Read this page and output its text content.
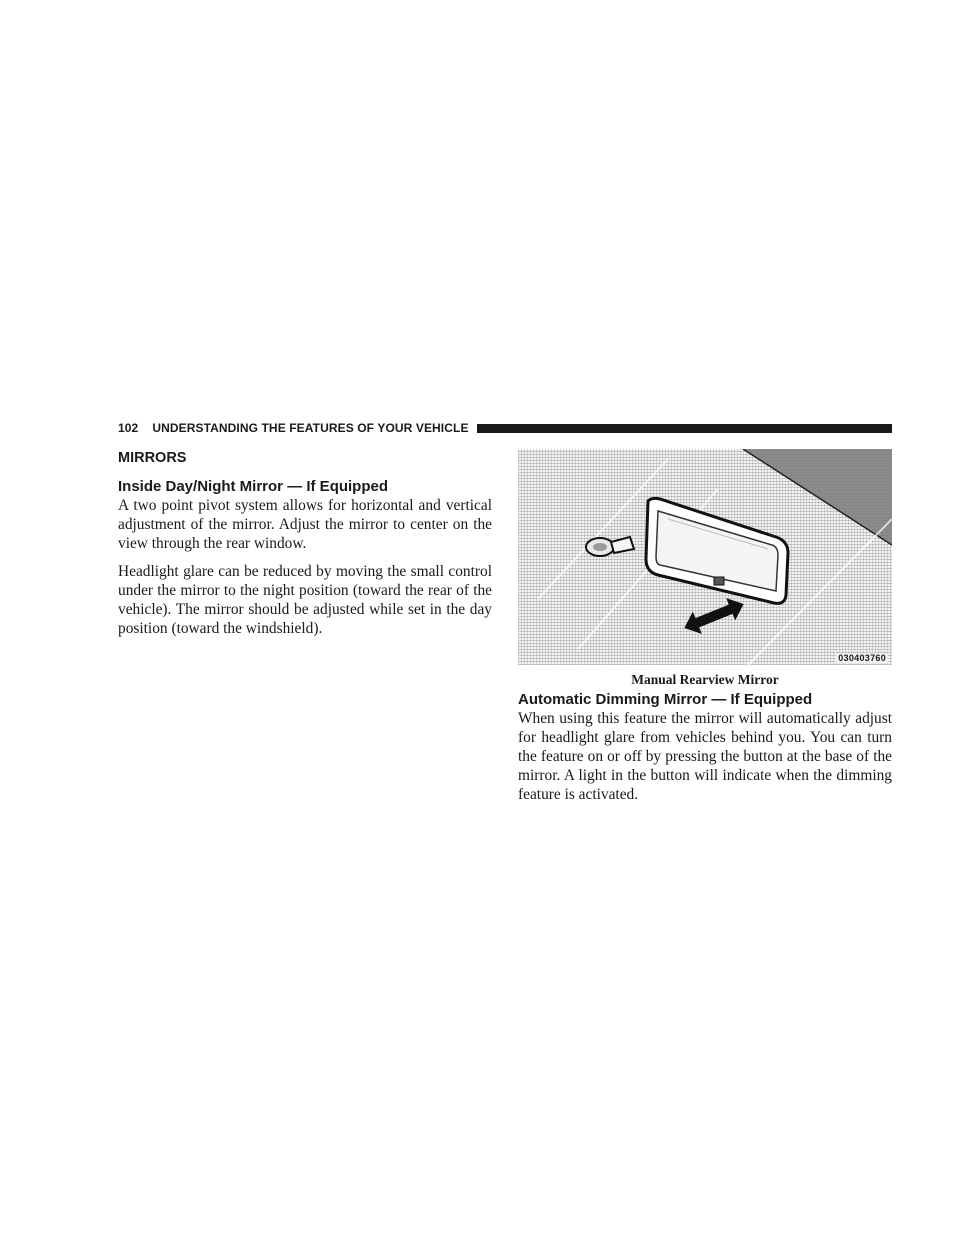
102 UNDERSTANDING THE FEATURES OF YOUR VEHICLE
MIRRORS
Inside Day/Night Mirror — If Equipped

A two point pivot system allows for horizontal and vertical adjustment of the mirror. Adjust the mirror to center on the view through the rear window.

Headlight glare can be reduced by moving the small control under the mirror to the night position (toward the rear of the vehicle). The mirror should be adjusted while set in the day position (toward the windshield).

030403760
Manual Rearview Mirror
Automatic Dimming Mirror — If Equipped

When using this feature the mirror will automatically adjust for headlight glare from vehicles behind you. You can turn the feature on or off by pressing the button at the base of the mirror. A light in the button will indicate when the dimming feature is activated.
